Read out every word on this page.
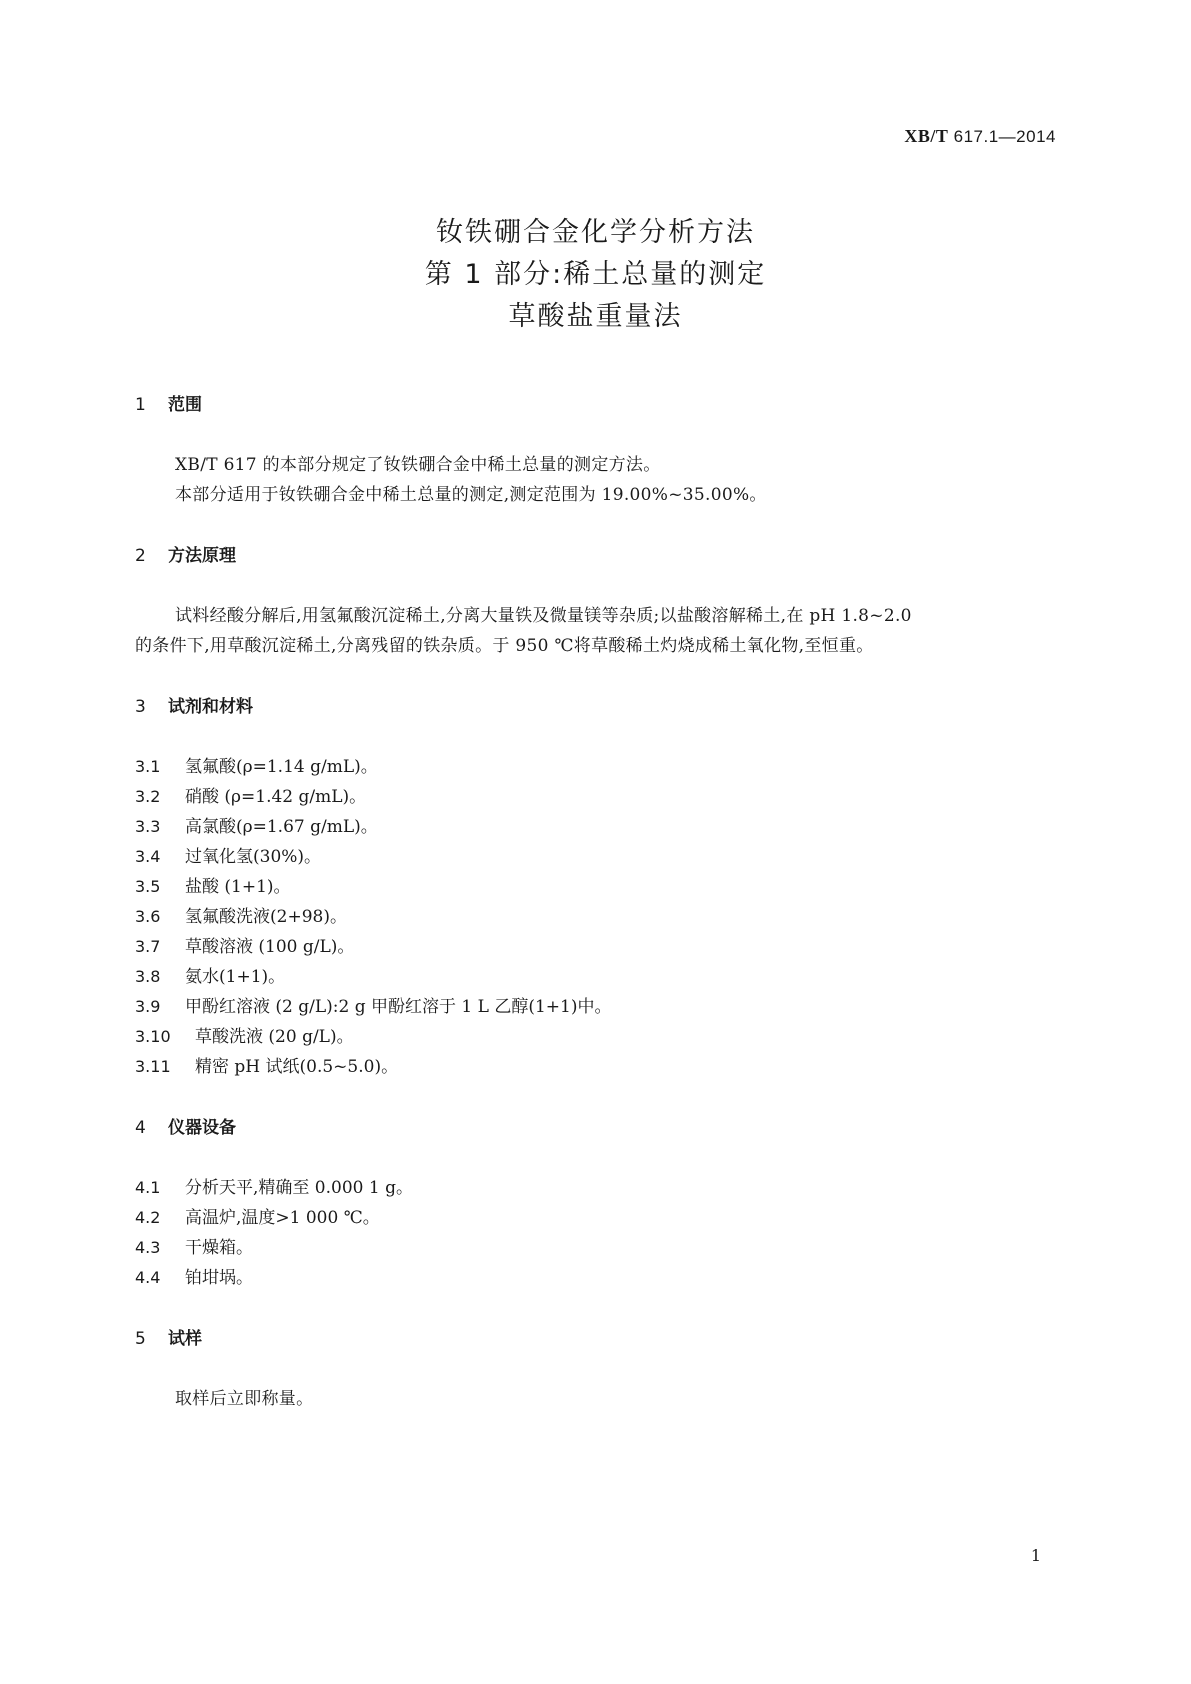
XB/T 617.1—2014
钕铁硼合金化学分析方法
第 1 部分:稀土总量的测定
草酸盐重量法
1 范围
XB/T 617 的本部分规定了钕铁硼合金中稀土总量的测定方法。
本部分适用于钕铁硼合金中稀土总量的测定,测定范围为 19.00%~35.00%。
2 方法原理
试料经酸分解后,用氢氟酸沉淀稀土,分离大量铁及微量镁等杂质;以盐酸溶解稀土,在 pH 1.8~2.0
的条件下,用草酸沉淀稀土,分离残留的铁杂质。于 950 ℃将草酸稀土灼烧成稀土氧化物,至恒重。
3 试剂和材料
3.1 氢氟酸(ρ=1.14 g/mL)。
3.2 硝酸 (ρ=1.42 g/mL)。
3.3 高氯酸(ρ=1.67 g/mL)。
3.4 过氧化氢(30%)。
3.5 盐酸 (1+1)。
3.6 氢氟酸洗液(2+98)。
3.7 草酸溶液 (100 g/L)。
3.8 氨水(1+1)。
3.9 甲酚红溶液 (2 g/L):2 g 甲酚红溶于 1 L 乙醇(1+1)中。
3.10 草酸洗液 (20 g/L)。
3.11 精密 pH 试纸(0.5~5.0)。
4 仪器设备
4.1 分析天平,精确至 0.000 1 g。
4.2 高温炉,温度>1 000 ℃。
4.3 干燥箱。
4.4 铂坩埚。
5 试样
取样后立即称量。
1
